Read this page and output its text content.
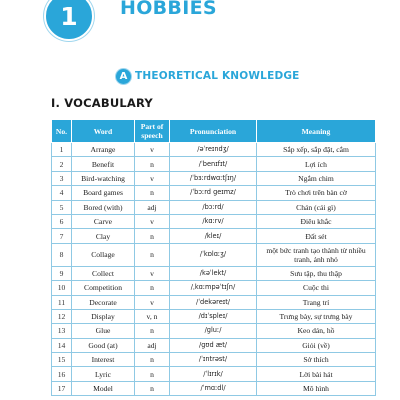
1	HOBBIES
A THEORETICAL KNOWLEDGE
I. VOCABULARY
No.	Word	Part of speech	Pronunciation	Meaning
1	Arrange	v	/əˈreɪndʒ/	Sắp xếp, sắp đặt, cắm
2	Benefit	n	/ˈbenɪfɪt/	Lợi ích
3	Bird-watching	v	/ˈbɜːrdwɑːtʃɪŋ/	Ngắm chim
4	Board games	n	/ˈbɔːrd ɡeɪmz/	Trò chơi trên bàn cờ
5	Bored (with)	adj	/bɔːrd/	Chán (cái gì)
6	Carve	v	/kɑːrv/	Điêu khắc
7	Clay	n	/kleɪ/	Đất sét
8	Collage	n	/ˈkɒlɑːʒ/	một bức tranh tạo thành từ nhiều tranh, ảnh nhỏ
9	Collect	v	/kəˈlekt/	Sưu tập, thu thập
10	Competition	n	/ˌkɑːmpəˈtɪʃn/	Cuộc thi
11	Decorate	v	/ˈdekəreɪt/	Trang trí
12	Display	v, n	/dɪˈspleɪ/	Trưng bày, sự trưng bày
13	Glue	n	/ɡluː/	Keo dán, hồ
14	Good (at)	adj	/ɡʊd æt/	Giỏi (về)
15	Interest	n	/ˈɪntrəst/	Sở thích
16	Lyric	n	/ˈlɪrɪk/	Lời bài hát
17	Model	n	/ˈmɑːdl/	Mô hình
